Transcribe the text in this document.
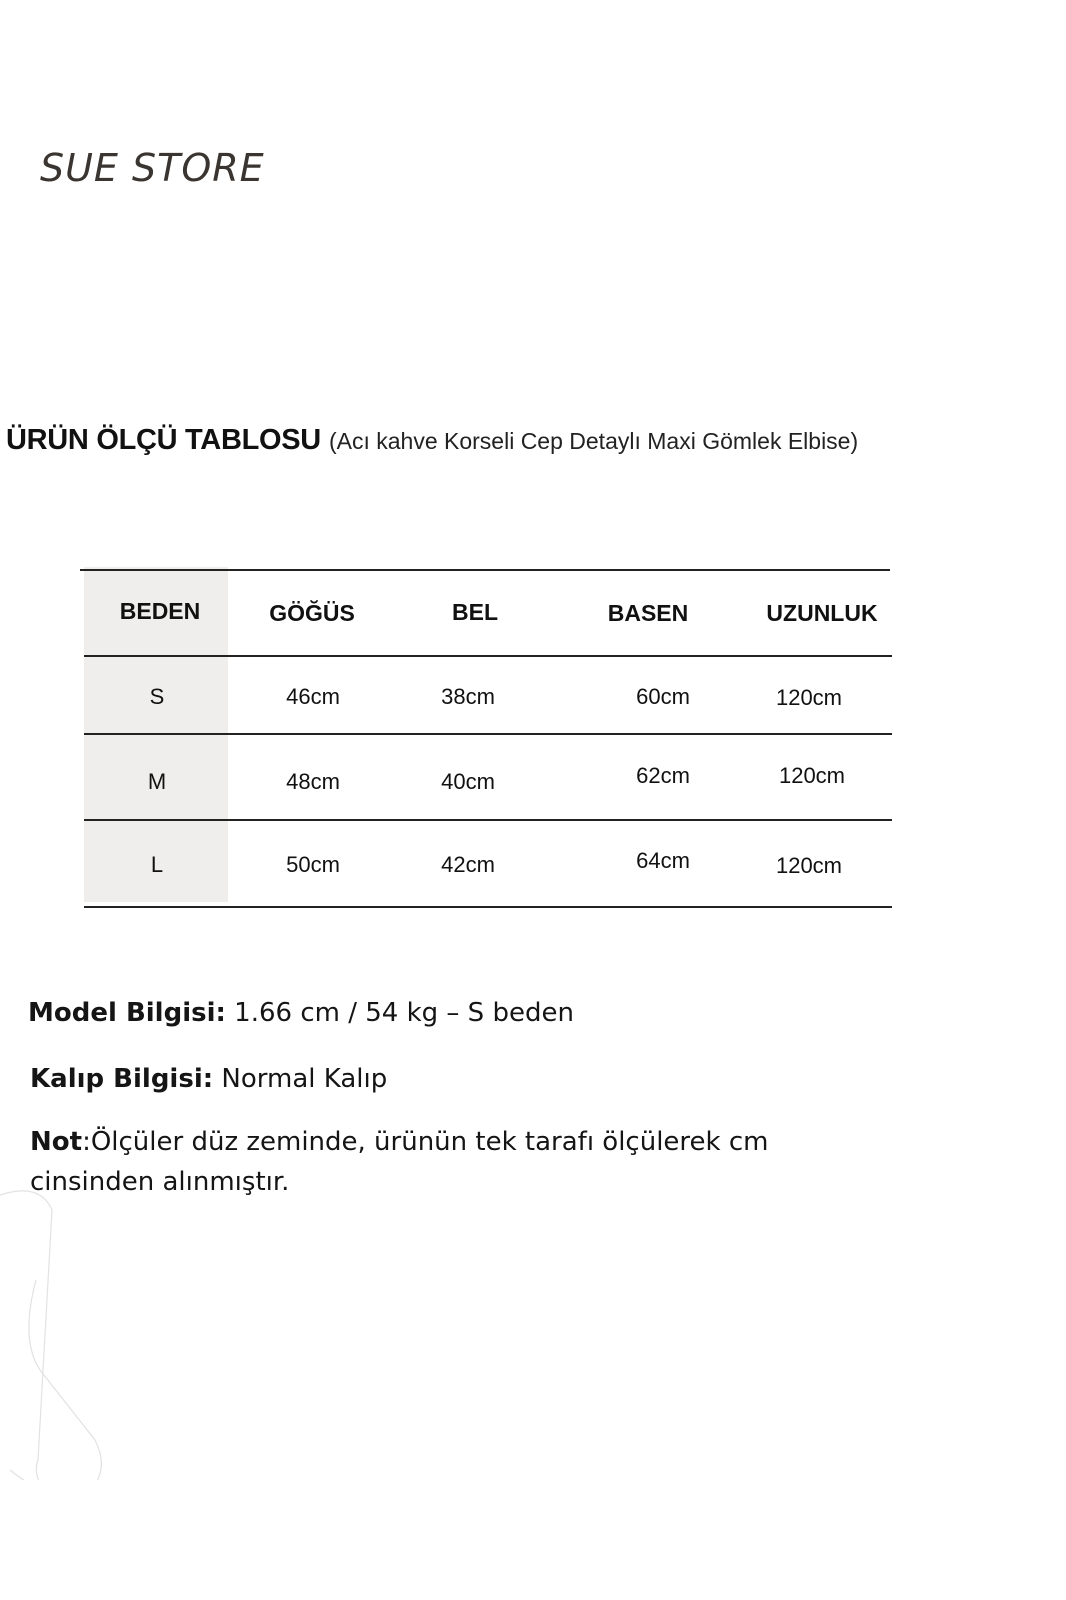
SUE STORE
ÜRÜN ÖLÇÜ TABLOSU (Acı kahve Korseli Cep Detaylı Maxi Gömlek Elbise)
BEDEN	GÖĞÜS	BEL	BASEN	UZUNLUK
S	46cm	38cm	60cm	120cm
M	48cm	40cm	62cm	120cm
L	50cm	42cm	64cm	120cm
Model Bilgisi: 1.66 cm / 54 kg – S beden
Kalıp Bilgisi: Normal Kalıp
Not:Ölçüler düz zeminde, ürünün tek tarafı ölçülerek cm
cinsinden alınmıştır.
